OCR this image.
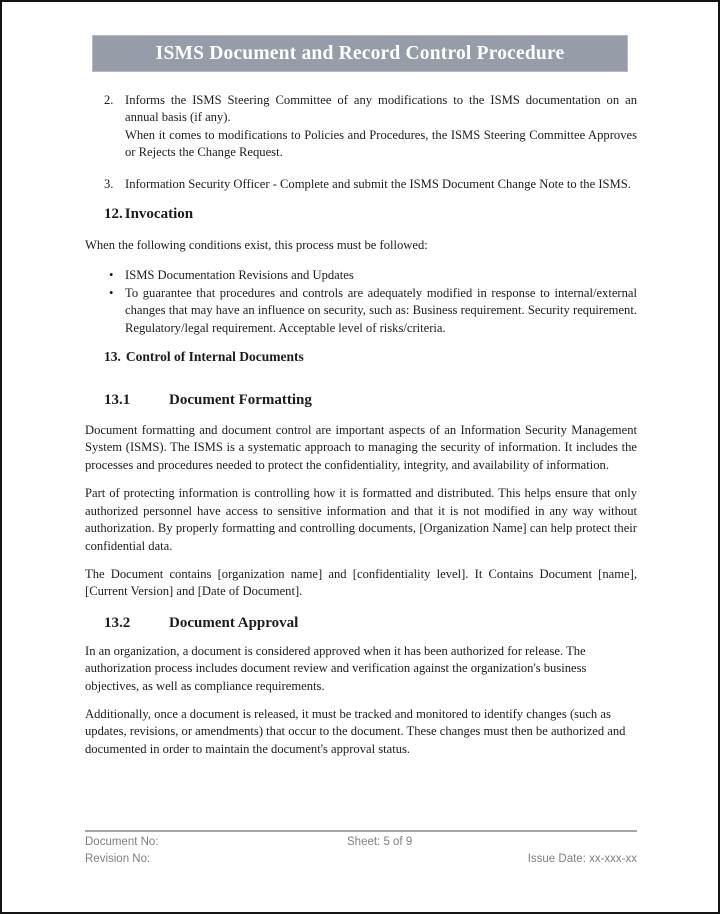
ISMS Document and Record Control Procedure
2. Informs the ISMS Steering Committee of any modifications to the ISMS documentation on an annual basis (if any).
When it comes to modifications to Policies and Procedures, the ISMS Steering Committee Approves or Rejects the Change Request.
3. Information Security Officer - Complete and submit the ISMS Document Change Note to the ISMS.
12. Invocation
When the following conditions exist, this process must be followed:
• ISMS Documentation Revisions and Updates
• To guarantee that procedures and controls are adequately modified in response to internal/external changes that may have an influence on security, such as: Business requirement. Security requirement. Regulatory/legal requirement. Acceptable level of risks/criteria.
13. Control of Internal Documents
13.1	Document Formatting
Document formatting and document control are important aspects of an Information Security Management System (ISMS). The ISMS is a systematic approach to managing the security of information. It includes the processes and procedures needed to protect the confidentiality, integrity, and availability of information.
Part of protecting information is controlling how it is formatted and distributed. This helps ensure that only authorized personnel have access to sensitive information and that it is not modified in any way without authorization. By properly formatting and controlling documents, [Organization Name] can help protect their confidential data.
The Document contains [organization name] and [confidentiality level]. It Contains Document [name], [Current Version] and [Date of Document].
13.2	Document Approval
In an organization, a document is considered approved when it has been authorized for release. The authorization process includes document review and verification against the organization's business objectives, as well as compliance requirements.
Additionally, once a document is released, it must be tracked and monitored to identify changes (such as updates, revisions, or amendments) that occur to the document. These changes must then be authorized and documented in order to maintain the document's approval status.
Document No:	Sheet: 5 of 9
Revision No:	Issue Date: xx-xxx-xx
